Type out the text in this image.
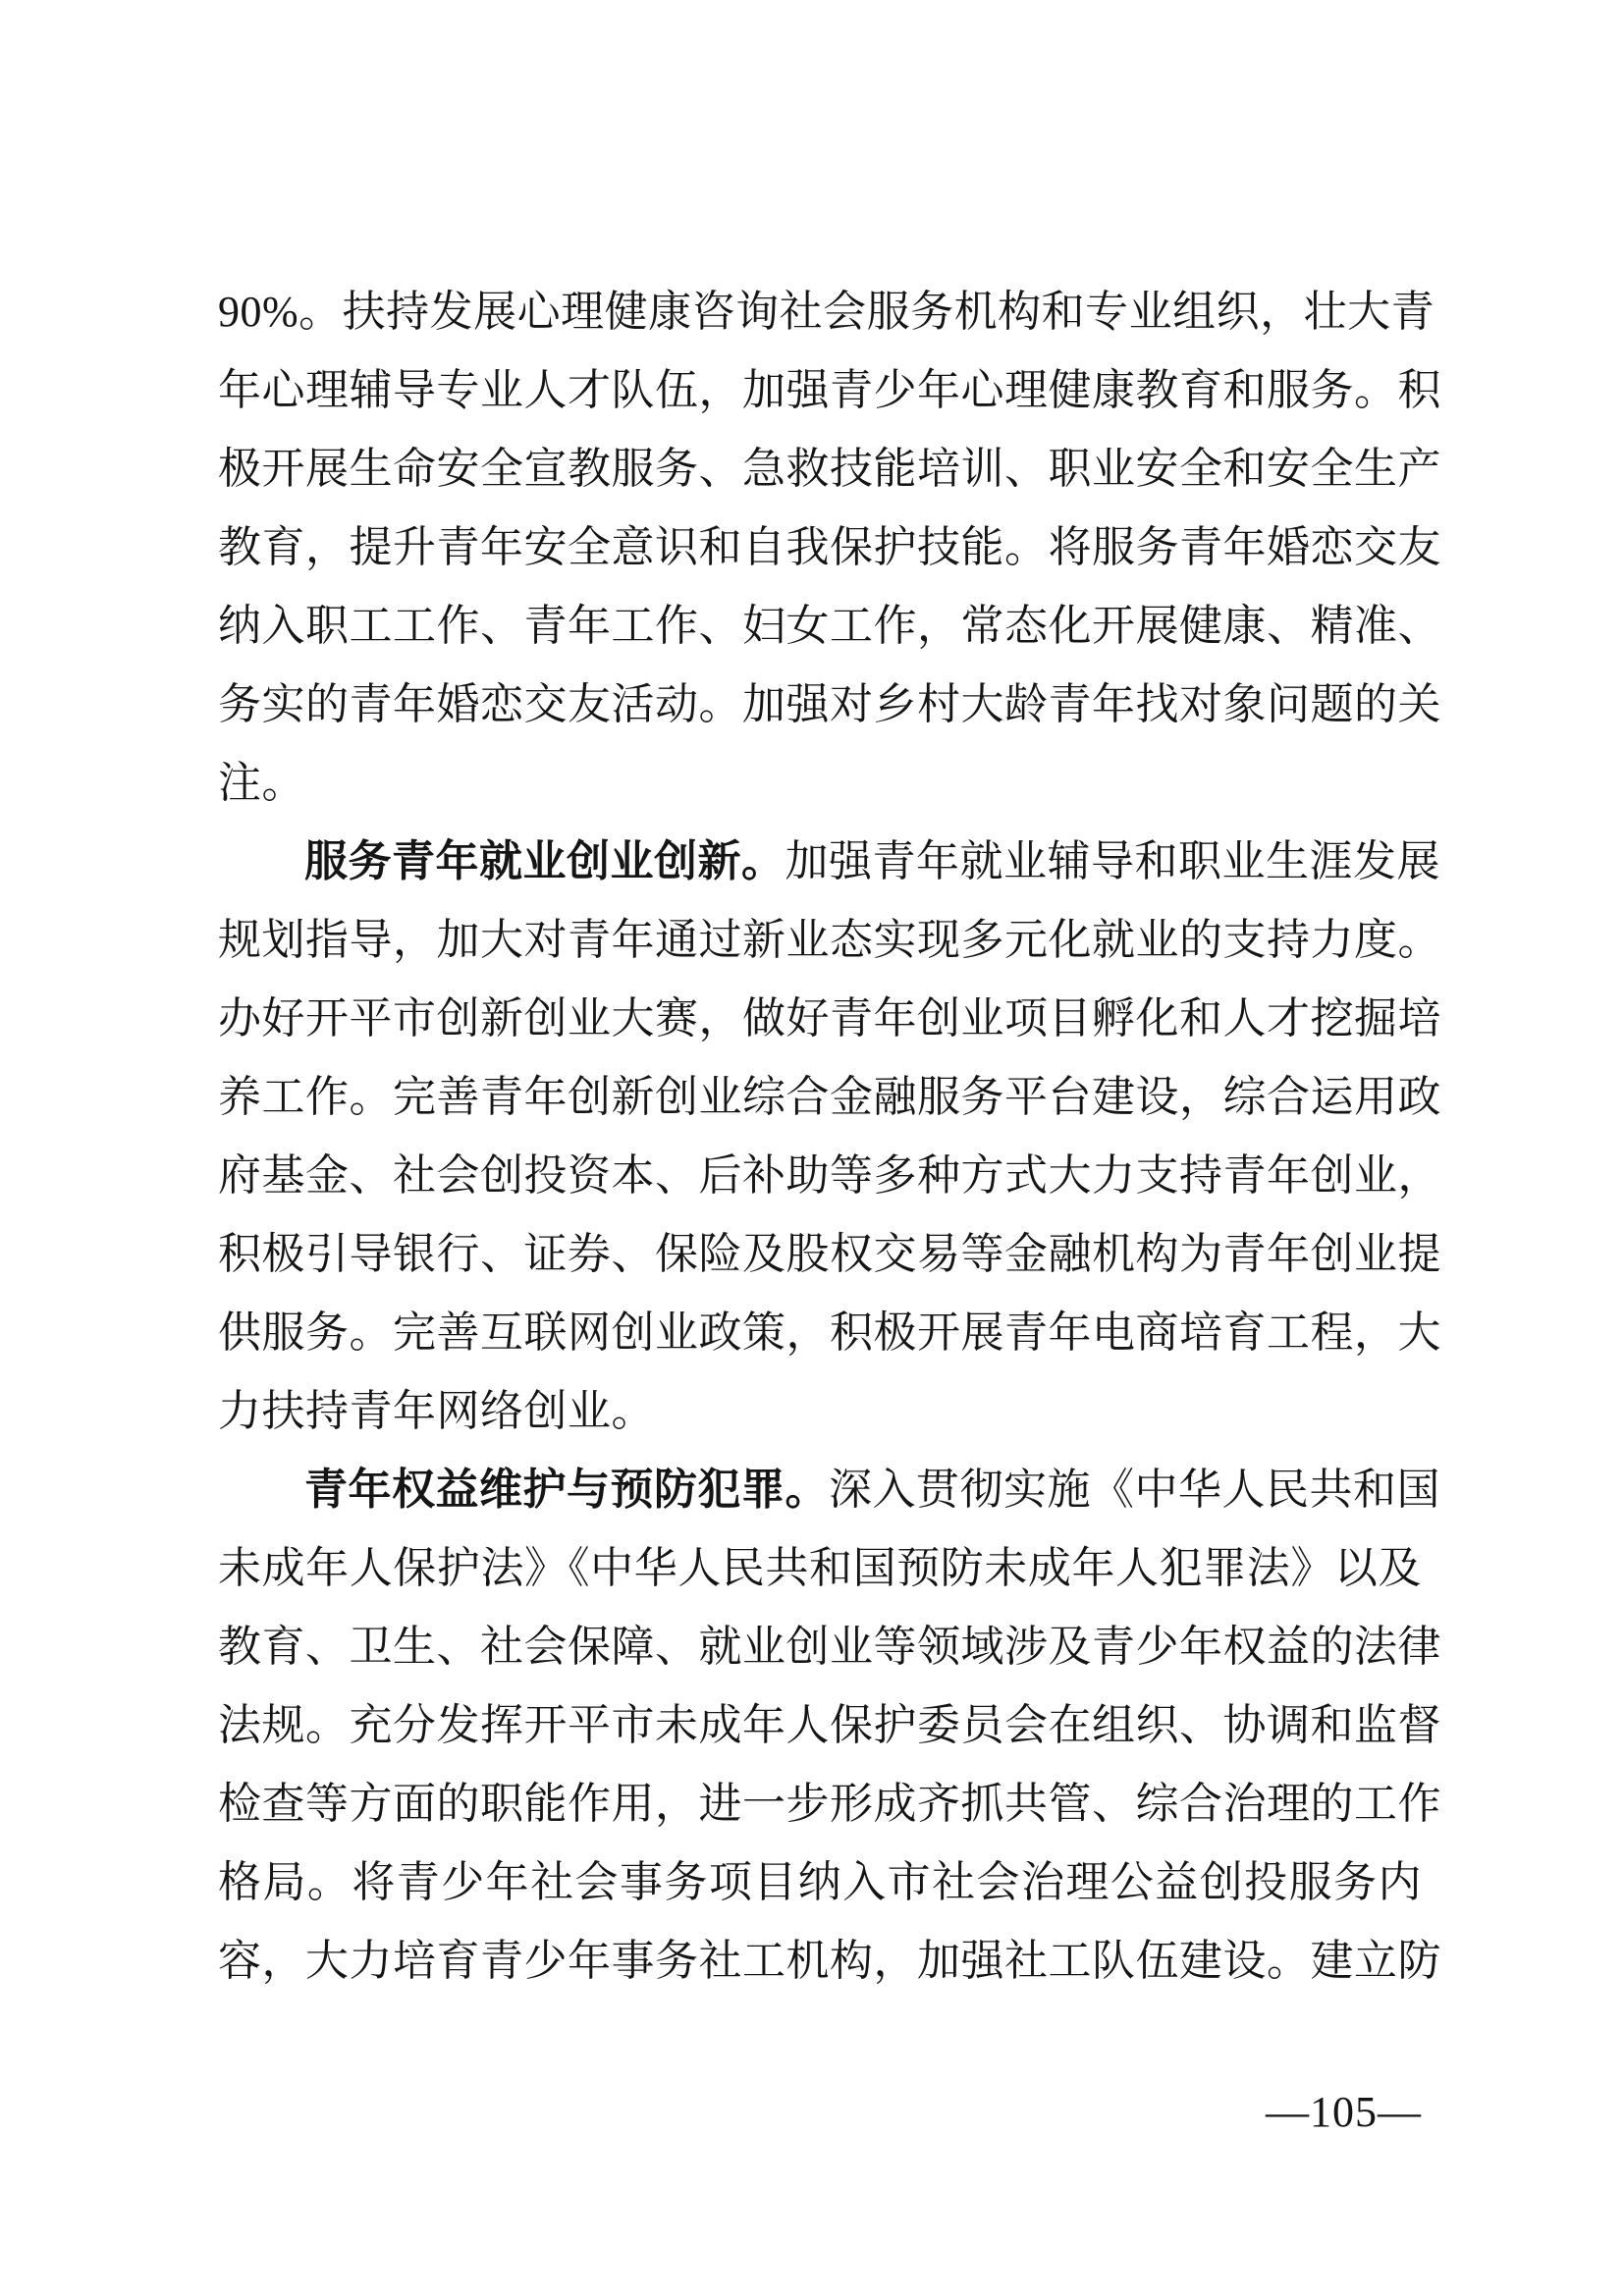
90%。扶持发展心理健康咨询社会服务机构和专业组织，壮大青
年心理辅导专业人才队伍，加强青少年心理健康教育和服务。积
极开展生命安全宣教服务、急救技能培训、职业安全和安全生产
教育，提升青年安全意识和自我保护技能。将服务青年婚恋交友
纳入职工工作、青年工作、妇女工作，常态化开展健康、精准、
务实的青年婚恋交友活动。加强对乡村大龄青年找对象问题的关
注。
服务青年就业创业创新。加强青年就业辅导和职业生涯发展
规划指导，加大对青年通过新业态实现多元化就业的支持力度。
办好开平市创新创业大赛，做好青年创业项目孵化和人才挖掘培
养工作。完善青年创新创业综合金融服务平台建设，综合运用政
府基金、社会创投资本、后补助等多种方式大力支持青年创业，
积极引导银行、证券、保险及股权交易等金融机构为青年创业提
供服务。完善互联网创业政策，积极开展青年电商培育工程，大
力扶持青年网络创业。
青年权益维护与预防犯罪。深入贯彻实施《中华人民共和国
未成年人保护法》《中华人民共和国预防未成年人犯罪法》以及
教育、卫生、社会保障、就业创业等领域涉及青少年权益的法律
法规。充分发挥开平市未成年人保护委员会在组织、协调和监督
检查等方面的职能作用，进一步形成齐抓共管、综合治理的工作
格局。将青少年社会事务项目纳入市社会治理公益创投服务内
容，大力培育青少年事务社工机构，加强社工队伍建设。建立防
—105—
